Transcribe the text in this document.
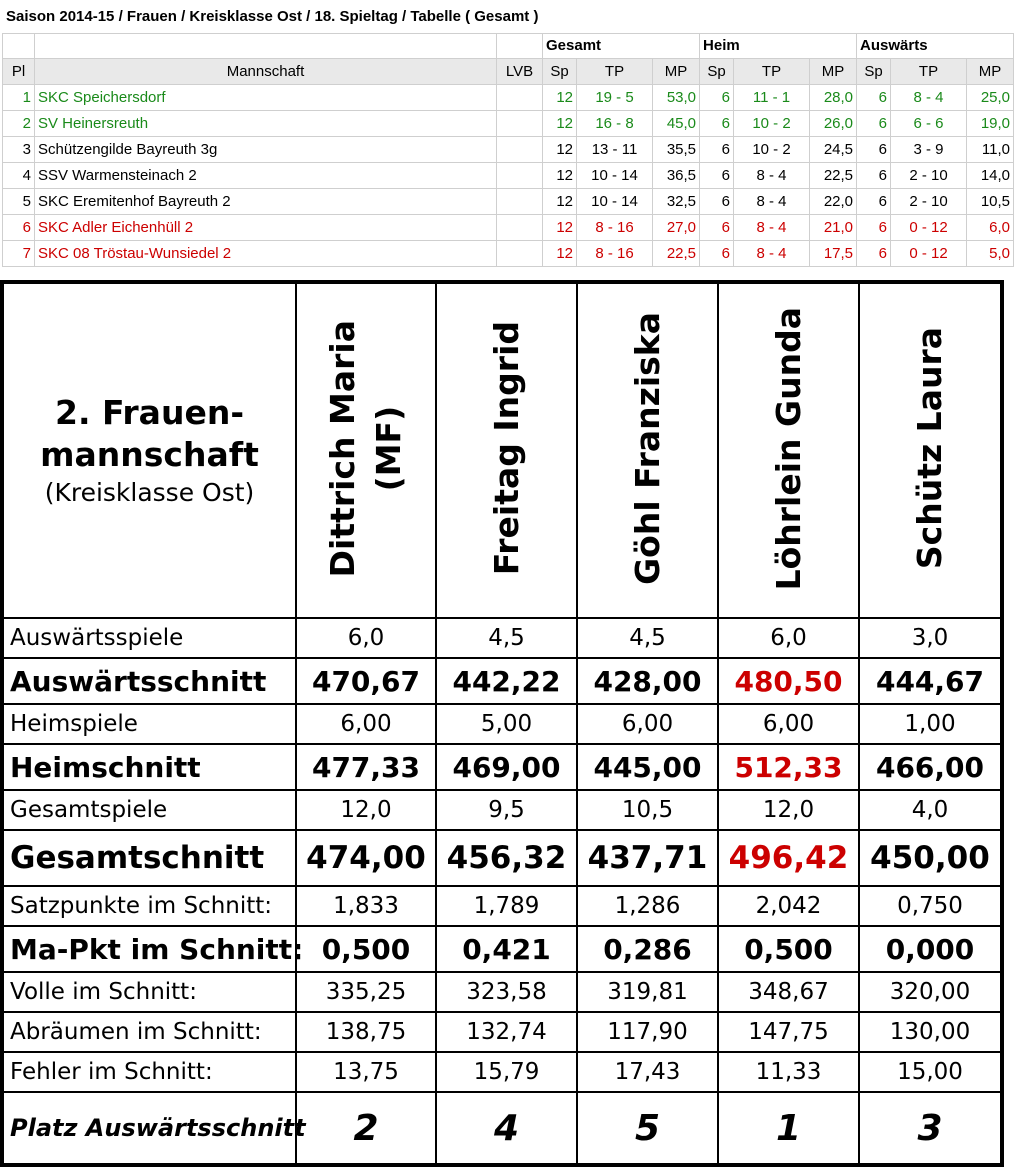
Saison 2014-15 / Frauen / Kreisklasse Ost / 18. Spieltag / Tabelle ( Gesamt )
			Gesamt			Heim			Auswärts		
Pl	Mannschaft	LVB	Sp	TP	MP	Sp	TP	MP	Sp	TP	MP
1	SKC Speichersdorf		12	19 - 5	53,0	6	11 - 1	28,0	6	8 - 4	25,0
2	SV Heinersreuth		12	16 - 8	45,0	6	10 - 2	26,0	6	6 - 6	19,0
3	Schützengilde Bayreuth 3g		12	13 - 11	35,5	6	10 - 2	24,5	6	3 - 9	11,0
4	SSV Warmensteinach 2		12	10 - 14	36,5	6	8 - 4	22,5	6	2 - 10	14,0
5	SKC Eremitenhof Bayreuth 2		12	10 - 14	32,5	6	8 - 4	22,0	6	2 - 10	10,5
6	SKC Adler Eichenhüll 2		12	8 - 16	27,0	6	8 - 4	21,0	6	0 - 12	6,0
7	SKC 08 Tröstau-Wunsiedel 2		12	8 - 16	22,5	6	8 - 4	17,5	6	0 - 12	5,0
2. Frauen-
mannschaft
(Kreisklasse Ost)	Dittrich Maria (MF)	Freitag Ingrid	Göhl Franziska	Löhrlein Gunda	Schütz Laura
Auswärtsspiele	6,0	4,5	4,5	6,0	3,0
Auswärtsschnitt	470,67	442,22	428,00	480,50	444,67
Heimspiele	6,00	5,00	6,00	6,00	1,00
Heimschnitt	477,33	469,00	445,00	512,33	466,00
Gesamtspiele	12,0	9,5	10,5	12,0	4,0
Gesamtschnitt	474,00	456,32	437,71	496,42	450,00
Satzpunkte im Schnitt:	1,833	1,789	1,286	2,042	0,750
Ma-Pkt im Schnitt:	0,500	0,421	0,286	0,500	0,000
Volle im Schnitt:	335,25	323,58	319,81	348,67	320,00
Abräumen im Schnitt:	138,75	132,74	117,90	147,75	130,00
Fehler im Schnitt:	13,75	15,79	17,43	11,33	15,00
Platz Auswärtsschnitt	2	4	5	1	3
